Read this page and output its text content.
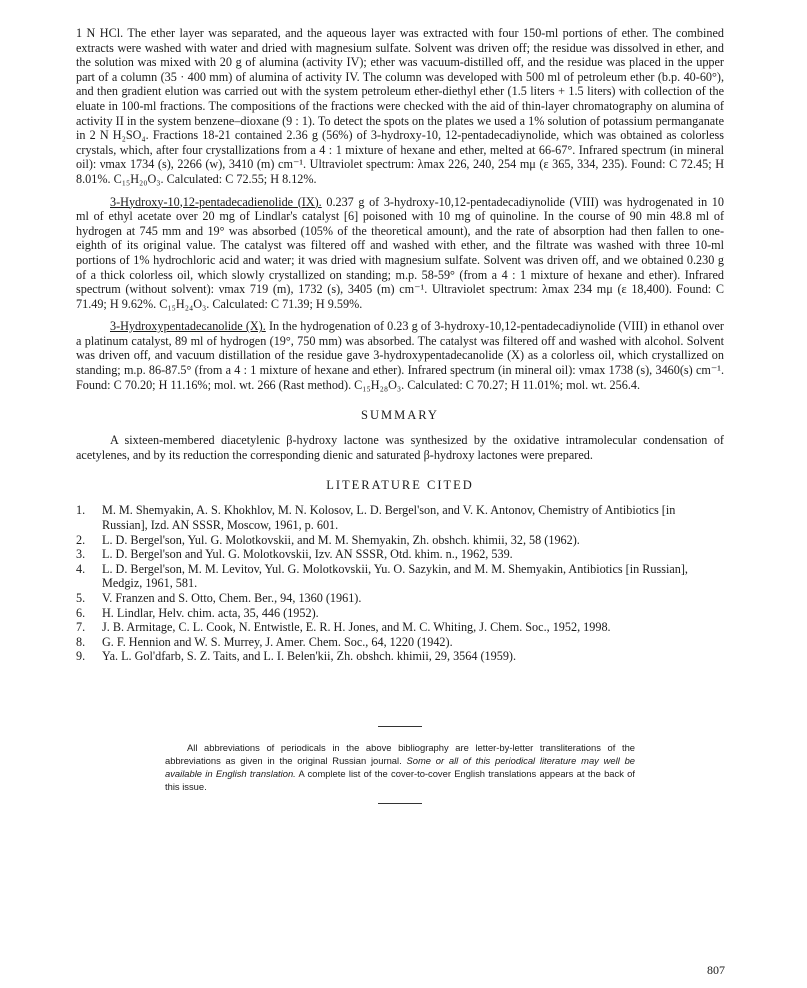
1 N HCl. The ether layer was separated, and the aqueous layer was extracted with four 150-ml portions of ether. The combined extracts were washed with water and dried with magnesium sulfate. Solvent was driven off; the residue was dissolved in ether, and the solution was mixed with 20 g of alumina (activity IV); ether was vacuum-distilled off, and the residue was placed in the upper part of a column (35 · 400 mm) of alumina of activity IV. The column was developed with 500 ml of petroleum ether (b.p. 40-60°), and then gradient elution was carried out with the system petroleum ether-diethyl ether (1.5 liters + 1.5 liters) with collection of the eluate in 100-ml fractions. The compositions of the fractions were checked with the aid of thin-layer chromatography on alumina of activity II in the system benzene–dioxane (9 : 1). To detect the spots on the plates we used a 1% solution of potassium permanganate in 2 N H₂SO₄. Fractions 18-21 contained 2.36 g (56%) of 3-hydroxy-10, 12-pentadecadiynolide, which was obtained as colorless crystals, which, after four crystallizations from a 4 : 1 mixture of hexane and ether, melted at 66-67°. Infrared spectrum (in mineral oil): νmax 1734 (s), 2266 (w), 3410 (m) cm⁻¹. Ultraviolet spectrum: λmax 226, 240, 254 mμ (ε 365, 334, 235). Found: C 72.45; H 8.01%. C₁₅H₂₀O₃. Calculated: C 72.55; H 8.12%.

3-Hydroxy-10,12-pentadecadienolide (IX). 0.237 g of 3-hydroxy-10,12-pentadecadiynolide (VIII) was hydrogenated in 10 ml of ethyl acetate over 20 mg of Lindlar's catalyst [6] poisoned with 10 mg of quinoline. In the course of 90 min 48.8 ml of hydrogen at 745 mm and 19° was absorbed (105% of the theoretical amount), and the rate of absorption had then fallen to one-eighth of its original value. The catalyst was filtered off and washed with ether, and the filtrate was washed with three 10-ml portions of 1% hydrochloric acid and water; it was dried with magnesium sulfate. Solvent was driven off, and we obtained 0.230 g of a thick colorless oil, which slowly crystallized on standing; m.p. 58-59° (from a 4 : 1 mixture of hexane and ether). Infrared spectrum (without solvent): νmax 719 (m), 1732 (s), 3405 (m) cm⁻¹. Ultraviolet spectrum: λmax 234 mμ (ε 18,400). Found: C 71.49; H 9.62%. C₁₅H₂₄O₃. Calculated: C 71.39; H 9.59%.

3-Hydroxypentadecanolide (X). In the hydrogenation of 0.23 g of 3-hydroxy-10,12-pentadecadiynolide (VIII) in ethanol over a platinum catalyst, 89 ml of hydrogen (19°, 750 mm) was absorbed. The catalyst was filtered off and washed with alcohol. Solvent was driven off, and vacuum distillation of the residue gave 3-hydroxypentadecanolide (X) as a colorless oil, which crystallized on standing; m.p. 86-87.5° (from a 4 : 1 mixture of hexane and ether). Infrared spectrum (in mineral oil): νmax 1738 (s), 3460(s) cm⁻¹. Found: C 70.20; H 11.16%; mol. wt. 266 (Rast method). C₁₅H₂₈O₃. Calculated: C 70.27; H 11.01%; mol. wt. 256.4.

SUMMARY

A sixteen-membered diacetylenic β-hydroxy lactone was synthesized by the oxidative intramolecular condensation of acetylenes, and by its reduction the corresponding dienic and saturated β-hydroxy lactones were prepared.

LITERATURE CITED
1. M. M. Shemyakin, A. S. Khokhlov, M. N. Kolosov, L. D. Bergel'son, and V. K. Antonov, Chemistry of Antibiotics [in Russian], Izd. AN SSSR, Moscow, 1961, p. 601.
2. L. D. Bergel'son, Yul. G. Molotkovskii, and M. M. Shemyakin, Zh. obshch. khimii, 32, 58 (1962).
3. L. D. Bergel'son and Yul. G. Molotkovskii, Izv. AN SSSR, Otd. khim. n., 1962, 539.
4. L. D. Bergel'son, M. M. Levitov, Yul. G. Molotkovskii, Yu. O. Sazykin, and M. M. Shemyakin, Antibiotics [in Russian], Medgiz, 1961, 581.
5. V. Franzen and S. Otto, Chem. Ber., 94, 1360 (1961).
6. H. Lindlar, Helv. chim. acta, 35, 446 (1952).
7. J. B. Armitage, C. L. Cook, N. Entwistle, E. R. H. Jones, and M. C. Whiting, J. Chem. Soc., 1952, 1998.
8. G. F. Hennion and W. S. Murrey, J. Amer. Chem. Soc., 64, 1220 (1942).
9. Ya. L. Gol'dfarb, S. Z. Taits, and L. I. Belen'kii, Zh. obshch. khimii, 29, 3564 (1959).

All abbreviations of periodicals in the above bibliography are letter-by-letter transliterations of the abbreviations as given in the original Russian journal. Some or all of this periodical literature may well be available in English translation. A complete list of the cover-to-cover English translations appears at the back of this issue.

807
